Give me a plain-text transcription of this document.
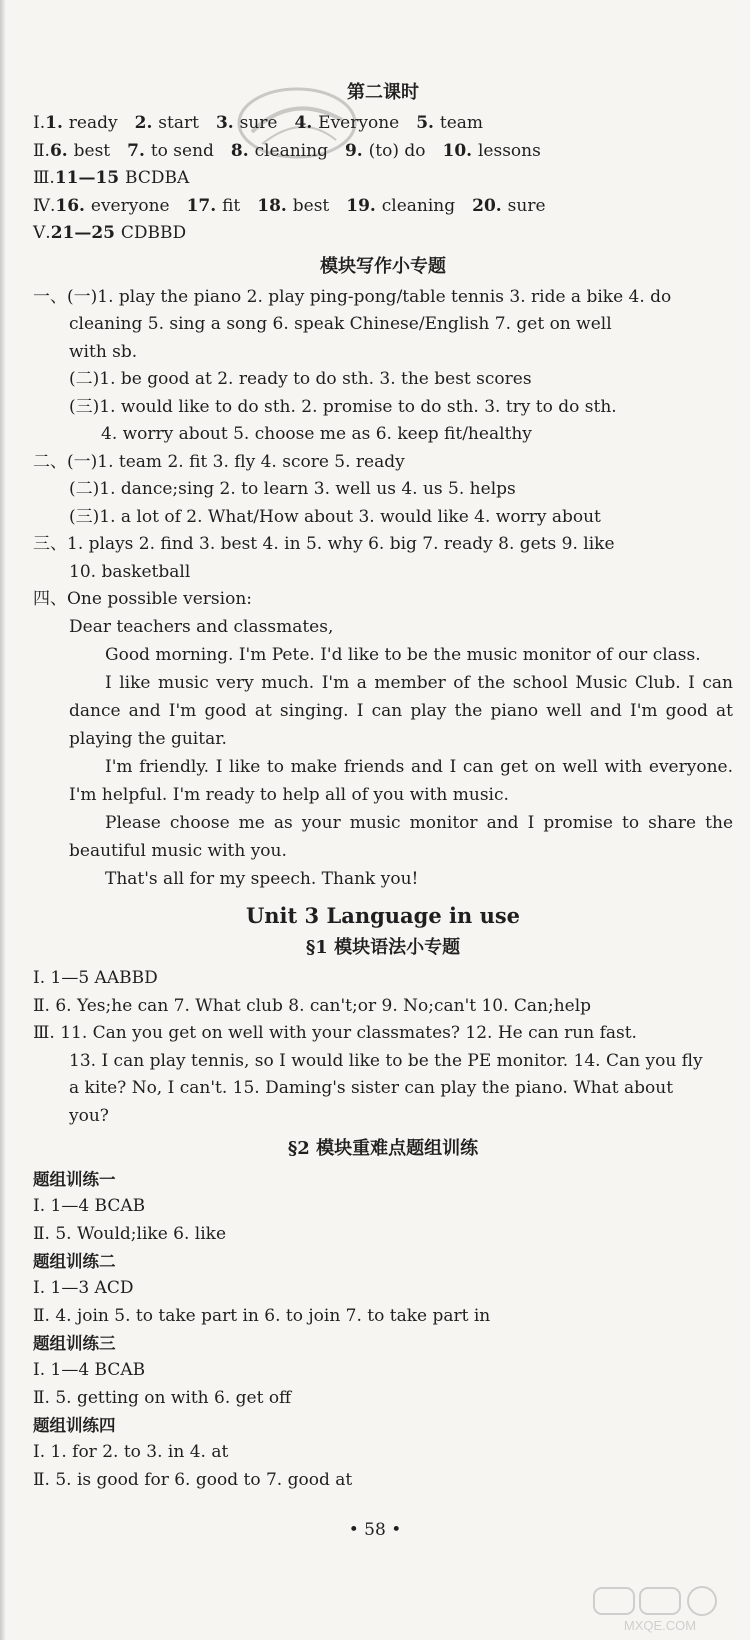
第二课时
Ⅰ.1. ready 2. start 3. sure 4. Everyone 5. team
Ⅱ.6. best 7. to send 8. cleaning 9. (to) do 10. lessons
Ⅲ.11—15 BCDBA
Ⅳ.16. everyone 17. fit 18. best 19. cleaning 20. sure
Ⅴ.21—25 CDBBD
模块写作小专题
一、(一)1. play the piano 2. play ping-pong/table tennis 3. ride a bike 4. do
cleaning 5. sing a song 6. speak Chinese/English 7. get on well
with sb.
(二)1. be good at 2. ready to do sth. 3. the best scores
(三)1. would like to do sth. 2. promise to do sth. 3. try to do sth.
4. worry about 5. choose me as 6. keep fit/healthy
二、(一)1. team 2. fit 3. fly 4. score 5. ready
(二)1. dance;sing 2. to learn 3. well us 4. us 5. helps
(三)1. a lot of 2. What/How about 3. would like 4. worry about
三、1. plays 2. find 3. best 4. in 5. why 6. big 7. ready 8. gets 9. like
10. basketball
四、One possible version:
Dear teachers and classmates,

Good morning. I'm Pete. I'd like to be the music monitor of our class.

I like music very much. I'm a member of the school Music Club. I can dance and I'm good at singing. I can play the piano well and I'm good at playing the guitar.

I'm friendly. I like to make friends and I can get on well with everyone. I'm helpful. I'm ready to help all of you with music.

Please choose me as your music monitor and I promise to share the beautiful music with you.

That's all for my speech. Thank you!

Unit 3 Language in use
§1 模块语法小专题
Ⅰ. 1—5 AABBD
Ⅱ. 6. Yes;he can 7. What club 8. can't;or 9. No;can't 10. Can;help
Ⅲ. 11. Can you get on well with your classmates? 12. He can run fast.
13. I can play tennis, so I would like to be the PE monitor. 14. Can you fly
a kite? No, I can't. 15. Daming's sister can play the piano. What about
you?
§2 模块重难点题组训练
题组训练一
Ⅰ. 1—4 BCAB
Ⅱ. 5. Would;like 6. like
题组训练二
Ⅰ. 1—3 ACD
Ⅱ. 4. join 5. to take part in 6. to join 7. to take part in
题组训练三
Ⅰ. 1—4 BCAB
Ⅱ. 5. getting on with 6. get off
题组训练四
Ⅰ. 1. for 2. to 3. in 4. at
Ⅱ. 5. is good for 6. good to 7. good at
• 58 •
MXQE.COM
